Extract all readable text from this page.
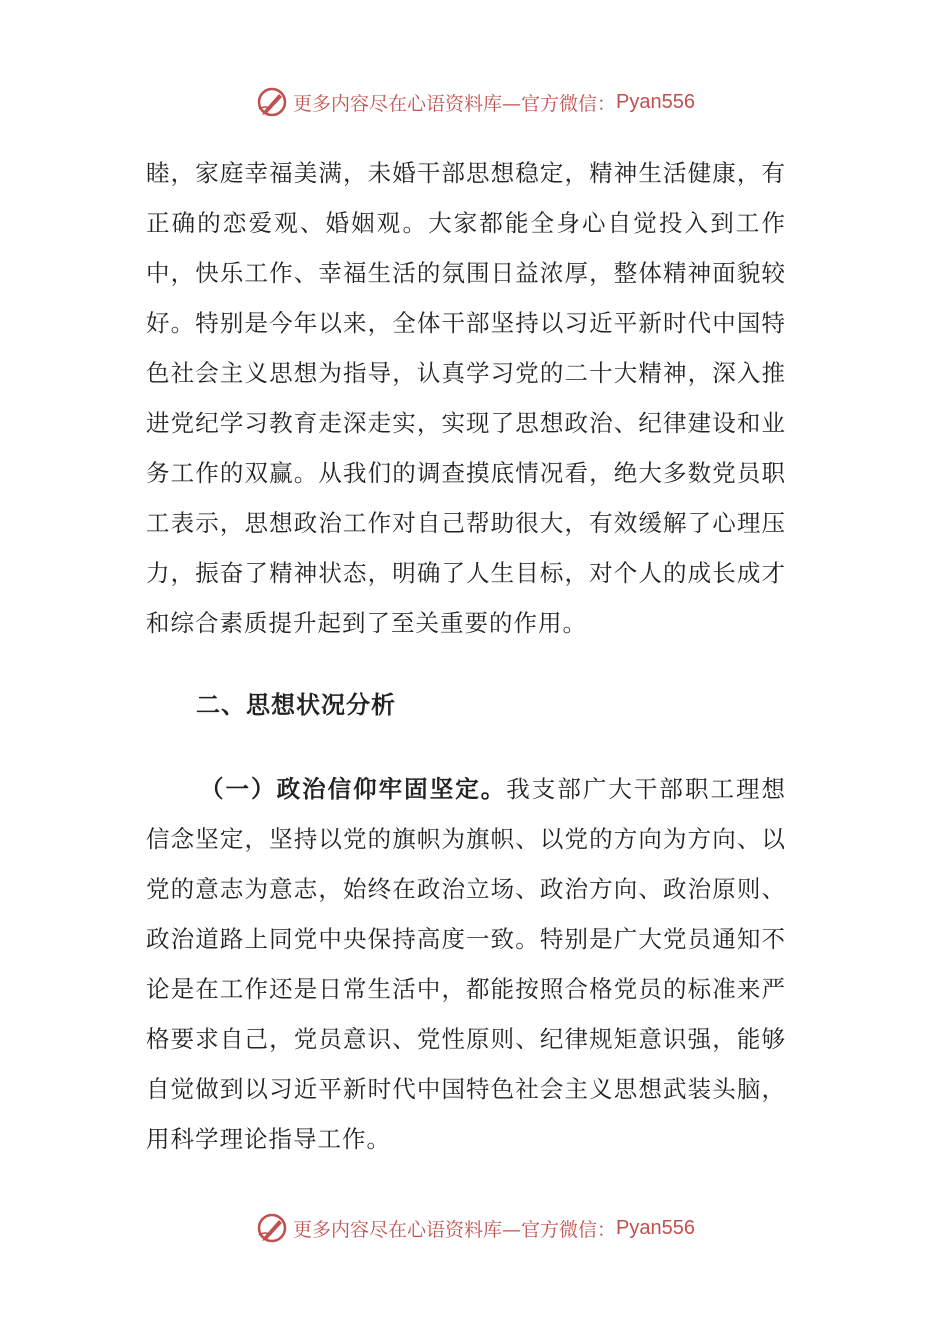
更多内容尽在心语资料库—官方微信： Pyan556

睦，家庭幸福美满，未婚干部思想稳定，精神生活健康，有正确的恋爱观、婚姻观。大家都能全身心自觉投入到工作中，快乐工作、幸福生活的氛围日益浓厚，整体精神面貌较好。特别是今年以来，全体干部坚持以习近平新时代中国特色社会主义思想为指导，认真学习党的二十大精神，深入推进党纪学习教育走深走实，实现了思想政治、纪律建设和业务工作的双赢。从我们的调查摸底情况看，绝大多数党员职工表示，思想政治工作对自己帮助很大，有效缓解了心理压力，振奋了精神状态，明确了人生目标，对个人的成长成才和综合素质提升起到了至关重要的作用。

二、思想状况分析

（一）政治信仰牢固坚定。我支部广大干部职工理想信念坚定，坚持以党的旗帜为旗帜、以党的方向为方向、以党的意志为意志，始终在政治立场、政治方向、政治原则、政治道路上同党中央保持高度一致。特别是广大党员通知不论是在工作还是日常生活中，都能按照合格党员的标准来严格要求自己，党员意识、党性原则、纪律规矩意识强，能够自觉做到以习近平新时代中国特色社会主义思想武装头脑，用科学理论指导工作。

更多内容尽在心语资料库—官方微信： Pyan556
